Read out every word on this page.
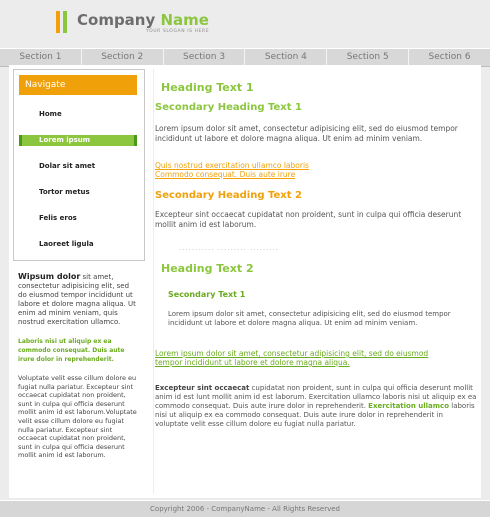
Company Name
YOUR SLOGAN IS HERE
Section 1	Section 2	Section 3	Section 4	Section 5	Section 6
Navigate
Home
Lorem ipsum
Dolar sit amet
Tortor metus
Felis eros
Laoreet ligula
Wipsum dolor sit amet, consectetur adipisicing elit, sed do eiusmod tempor incididunt ut labore et dolore magna aliqua. Ut enim ad minim veniam, quis nostrud exercitation ullamco.
Laboris nisi ut aliquip ex ea commodo consequat. Duis aute irure dolor in reprehenderit.
Voluptate velit esse cillum dolore eu fugiat nulla pariatur. Excepteur sint occaecat cupidatat non proident, sunt in culpa qui officia deserunt mollit anim id est laborum.Voluptate velit esse cillum dolore eu fugiat nulla pariatur. Excepteur sint occaecat cupidatat non proident, sunt in culpa qui officia deserunt mollit anim id est laborum.
Heading Text 1
Secondary Heading Text 1
Lorem ipsum dolor sit amet, consectetur adipisicing elit, sed do eiusmod tempor incididunt ut labore et dolore magna aliqua. Ut enim ad minim veniam.
Quis nostrud exercitation ullamco laboris
Commodo consequat. Duis aute irure
Secondary Heading Text 2
Excepteur sint occaecat cupidatat non proident, sunt in culpa qui officia deserunt mollit anim id est laborum.
........... ......... .........
Heading Text 2
Secondary Text 1
Lorem ipsum dolor sit amet, consectetur adipisicing elit, sed do eiusmod tempor incididunt ut labore et dolore magna aliqua. Ut enim ad minim veniam.
Lorem ipsum dolor sit amet, consectetur adipisicing elit, sed do eiusmod
tempor incididunt ut labore et dolore magna aliqua.
Excepteur sint occaecat cupidatat non proident, sunt in culpa qui officia deserunt mollit anim id est lunt mollit anim id est laborum. Exercitation ullamco laboris nisi ut aliquip ex ea commodo consequat. Duis aute irure dolor in reprehenderit. Exercitation ullamco laboris nisi ut aliquip ex ea commodo consequat. Duis aute irure dolor in reprehenderit in voluptate velit esse cillum dolore eu fugiat nulla pariatur.
Copyright 2006 - CompanyName - All Rights Reserved
